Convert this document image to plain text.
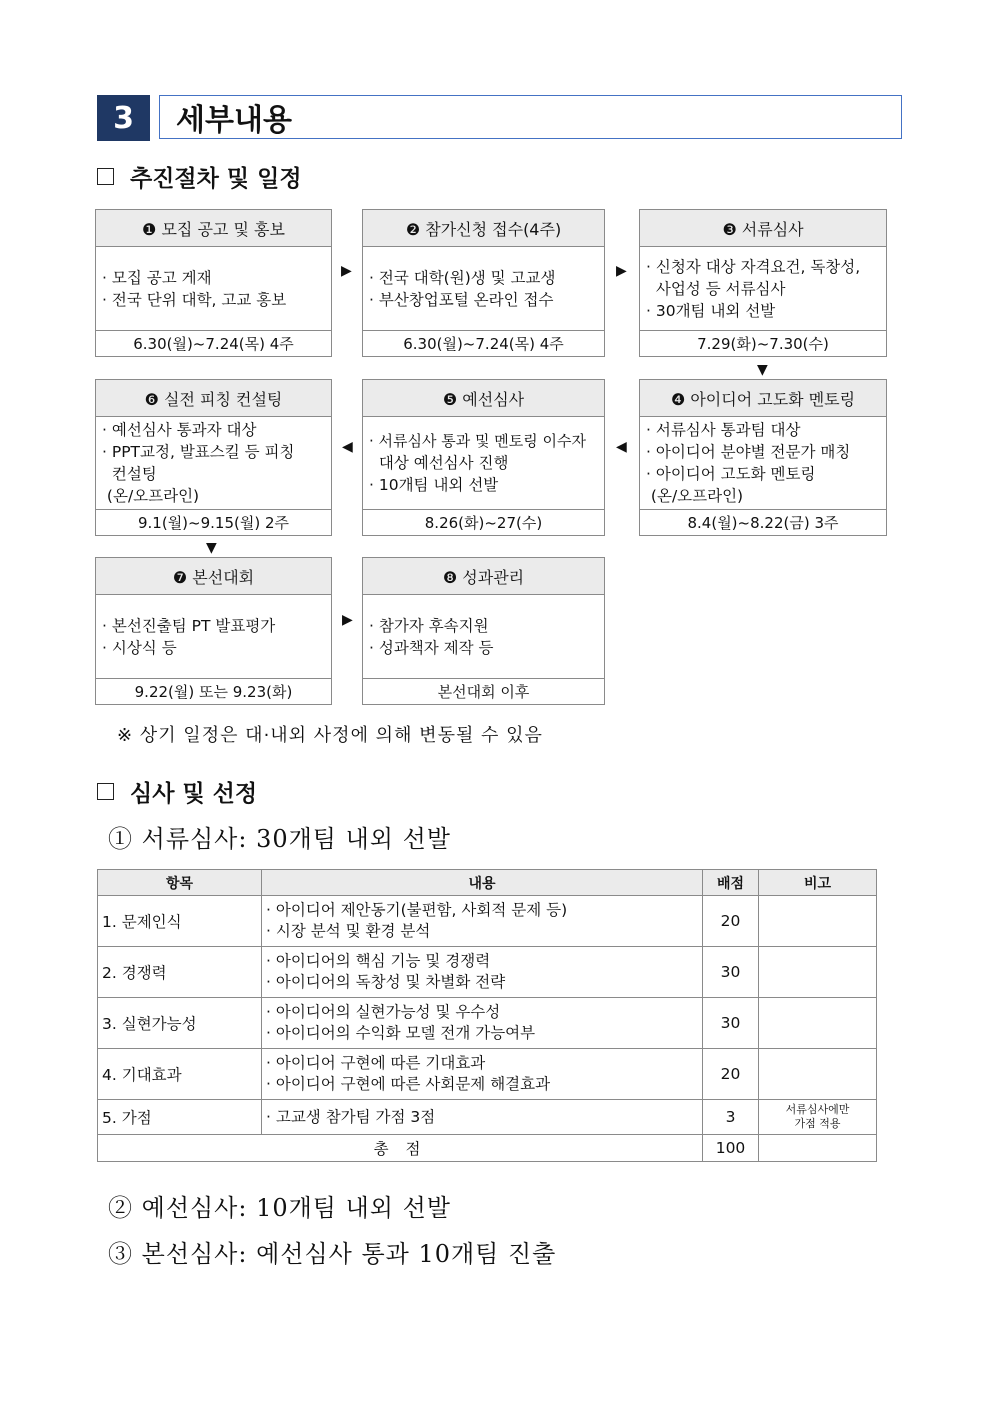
3	세부내용
추진절차 및 일정
❶ 모집 공고 및 홍보
· 모집 공고 게재
· 전국 단위 대학, 고교 홍보
6.30(월)~7.24(목) 4주
▶
❷ 참가신청 접수(4주)
· 전국 대학(원)생 및 고교생
· 부산창업포털 온라인 접수
6.30(월)~7.24(목) 4주
▶
❸ 서류심사
· 신청자 대상 자격요건, 독창성,
사업성 등 서류심사
· 30개팀 내외 선발
7.29(화)~7.30(수)
▼
❻ 실전 피칭 컨설팅
· 예선심사 통과자 대상
· PPT교정, 발표스킬 등 피칭
컨설팅
(온/오프라인)
9.1(월)~9.15(월) 2주
◀
❺ 예선심사
· 서류심사 통과 및 멘토링 이수자
대상 예선심사 진행
· 10개팀 내외 선발
8.26(화)~27(수)
◀
❹ 아이디어 고도화 멘토링
· 서류심사 통과팀 대상
· 아이디어 분야별 전문가 매칭
· 아이디어 고도화 멘토링
(온/오프라인)
8.4(월)~8.22(금) 3주
▼
❼ 본선대회
· 본선진출팀 PT 발표평가
· 시상식 등
9.22(월) 또는 9.23(화)
▶
❽ 성과관리
· 참가자 후속지원
· 성과책자 제작 등
본선대회 이후
※ 상기 일정은 대·내외 사정에 의해 변동될 수 있음
심사 및 선정
① 서류심사: 30개팀 내외 선발
항목	내용	배점	비고
1. 문제인식	· 아이디어 제안동기(불편함, 사회적 문제 등)
· 시장 분석 및 환경 분석	20	
2. 경쟁력	· 아이디어의 핵심 기능 및 경쟁력
· 아이디어의 독창성 및 차별화 전략	30	
3. 실현가능성	· 아이디어의 실현가능성 및 우수성
· 아이디어의 수익화 모델 전개 가능여부	30	
4. 기대효과	· 아이디어 구현에 따른 기대효과
· 아이디어 구현에 따른 사회문제 해결효과	20	
5. 가점	· 고교생 참가팀 가점 3점	3	서류심사에만
가점 적용

총 점		100	
② 예선심사: 10개팀 내외 선발
③ 본선심사: 예선심사 통과 10개팀 진출
